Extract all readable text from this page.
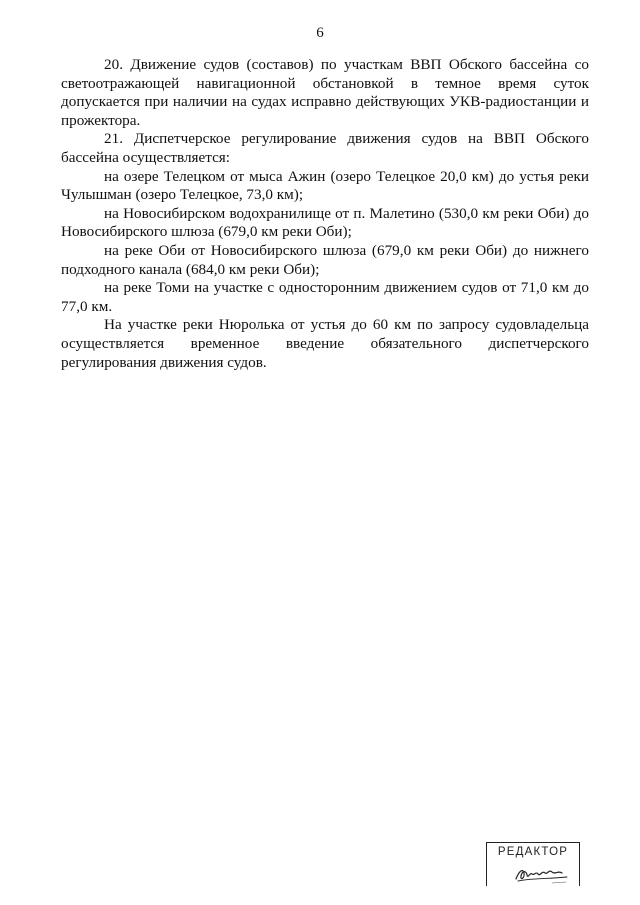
6

20. Движение судов (составов) по участкам ВВП Обского бассейна со светоотражающей навигационной обстановкой в темное время суток допускается при наличии на судах исправно действующих УКВ-радиостанции и прожектора.

21. Диспетчерское регулирование движения судов на ВВП Обского бассейна осуществляется:

на озере Телецком от мыса Ажин (озеро Телецкое 20,0 км) до устья реки Чулышман (озеро Телецкое, 73,0 км);

на Новосибирском водохранилище от п. Малетино (530,0 км реки Оби) до Новосибирского шлюза (679,0 км реки Оби);

на реке Оби от Новосибирского шлюза (679,0 км реки Оби) до нижнего подходного канала (684,0 км реки Оби);

на реке Томи на участке с односторонним движением судов от 71,0 км до 77,0 км.

На участке реки Нюролька от устья до 60 км по запросу судовладельца осуществляется временное введение обязательного диспетчерского регулирования движения судов.

РЕДАКТОР
